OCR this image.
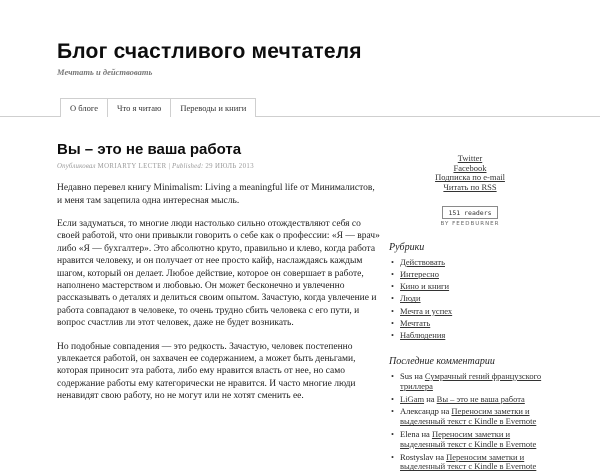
Блог счастливого мечтателя
Мечтать и действовать
О блоге Что я читаю Переводы и книги
Вы – это не ваша работа
Опубликовал MORIARTY LECTER | Published: 29 ИЮЛЬ 2013

Недавно перевел книгу Minimalism: Living a meaningful life от Минималистов, и меня там зацепила одна интересная мысль.

Если задуматься, то многие люди настолько сильно отождествляют себя со своей работой, что они привыкли говорить о себе как о профессии: «Я — врач» либо «Я — бухгалтер». Это абсолютно круто, правильно и клево, когда работа нравится человеку, и он получает от нее просто кайф, наслаждаясь каждым шагом, который он делает. Любое действие, которое он совершает в работе, наполнено мастерством и любовью. Он может бесконечно и увлеченно рассказывать о деталях и делиться своим опытом. Зачастую, когда увлечение и работа совпадают в человеке, то очень трудно сбить человека с его пути, и вопрос счастлив ли этот человек, даже не будет возникать.

Но подобные совпадения — это редкость. Зачастую, человек постепенно увлекается работой, он захвачен ее содержанием, а может быть деньгами, которая приносит эта работа, либо ему нравится власть от нее, но само содержание работы ему категорически не нравится. И часто многие люди ненавидят свою работу, но не могут или не хотят сменить ее.

Twitter
Facebook
Подписка по e-mail
Читать по RSS
151 readers
BY FEEDBURNER
Рубрики
• Действовать
• Интересно
• Кино и книги
• Люди
• Мечта и успех
• Мечтать
• Наблюдения
Последние комментарии
• Sus на Сумрачный гений французского триллера
• LiGam на Вы – это не ваша работа
• Александр на Переносим заметки и выделенный текст с Kindle в Evernote
• Elena на Переносим заметки и выделенный текст с Kindle в Evernote
• Rostyslav на Переносим заметки и выделенный текст с Kindle в Evernote
